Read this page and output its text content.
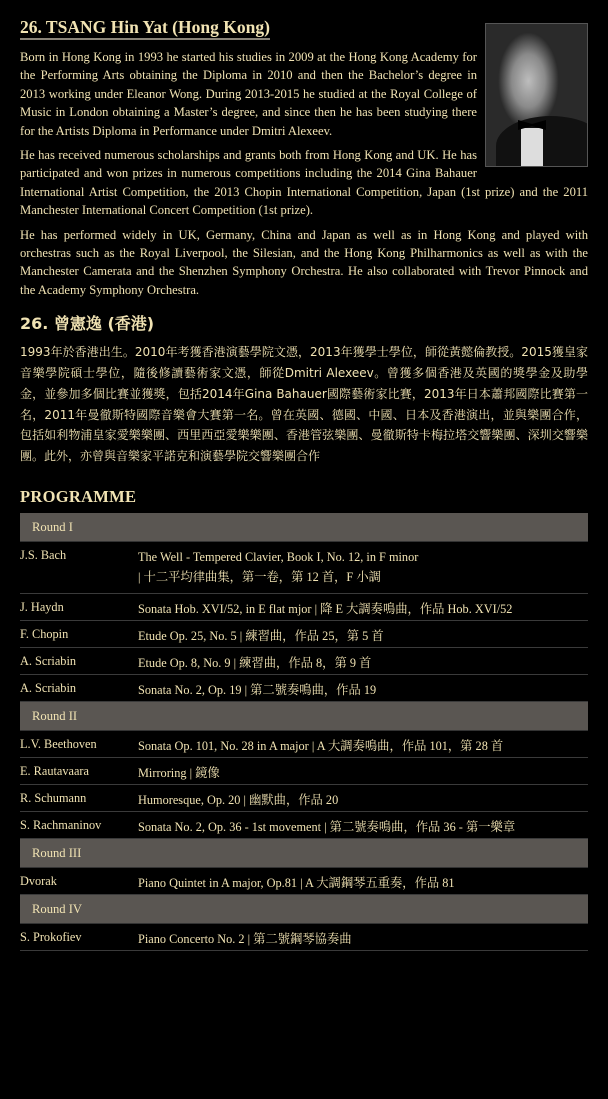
26. TSANG Hin Yat (Hong Kong)

Born in Hong Kong in 1993 he started his studies in 2009 at the Hong Kong Academy for the Performing Arts obtaining the Diploma in 2010 and then the Bachelor’s degree in 2013 working under Eleanor Wong. During 2013-2015 he studied at the Royal College of Music in London obtaining a Master’s degree, and since then he has been studying there for the Artists Diploma in Performance under Dmitri Alexeev.

He has received numerous scholarships and grants both from Hong Kong and UK. He has participated and won prizes in numerous competitions including the 2014 Gina Bahauer International Artist Competition, the 2013 Chopin International Competition, Japan (1st prize) and the 2011 Manchester International Concert Competition (1st prize).

He has performed widely in UK, Germany, China and Japan as well as in Hong Kong and played with orchestras such as the Royal Liverpool, the Silesian, and the Hong Kong Philharmonics as well as with the Manchester Camerata and the Shenzhen Symphony Orchestra. He also collaborated with Trevor Pinnock and the Academy Symphony Orchestra.

26. 曾憲逸 (香港)

1993年於香港出生。2010年考獲香港演藝學院文憑，2013年獲學士學位，師從黃懿倫教授。2015獲皇家音樂學院碩士學位，隨後修讀藝術家文憑，師從Dmitri Alexeev。曾獲多個香港及英國的獎學金及助學金，並參加多個比賽並獲獎，包括2014年Gina Bahauer國際藝術家比賽，2013年日本蕭邦國際比賽第一名，2011年曼徹斯特國際音樂會大賽第一名。曾在英國、德國、中國、日本及香港演出，並與樂團合作，包括如利物浦皇家愛樂樂團、西里西亞愛樂樂團、香港管弦樂團、曼徹斯特卡梅拉塔交響樂團、深圳交響樂團。此外，亦曾與音樂家平諾克和演藝學院交響樂團合作

PROGRAMME
Round I
J.S. Bach	The Well - Tempered Clavier, Book I, No. 12, in F minor
| 十二平均律曲集，第一卷，第 12 首，F 小調
J. Haydn	Sonata Hob. XVI/52, in E flat mjor | 降 E 大調奏鳴曲，作品 Hob. XVI/52
F. Chopin	Etude Op. 25, No. 5 | 練習曲，作品 25，第 5 首
A. Scriabin	Etude Op. 8, No. 9 | 練習曲，作品 8，第 9 首
A. Scriabin	Sonata No. 2, Op. 19 | 第二號奏鳴曲，作品 19
Round II
L.V. Beethoven	Sonata Op. 101, No. 28 in A major | A 大調奏鳴曲，作品 101，第 28 首
E. Rautavaara	Mirroring | 鏡像
R. Schumann	Humoresque, Op. 20 | 幽默曲，作品 20
S. Rachmaninov	Sonata No. 2, Op. 36 - 1st movement | 第二號奏鳴曲，作品 36 - 第一樂章
Round III
Dvorak	Piano Quintet in A major, Op.81 | A 大調鋼琴五重奏，作品 81
Round IV
S. Prokofiev	Piano Concerto No. 2 | 第二號鋼琴協奏曲
